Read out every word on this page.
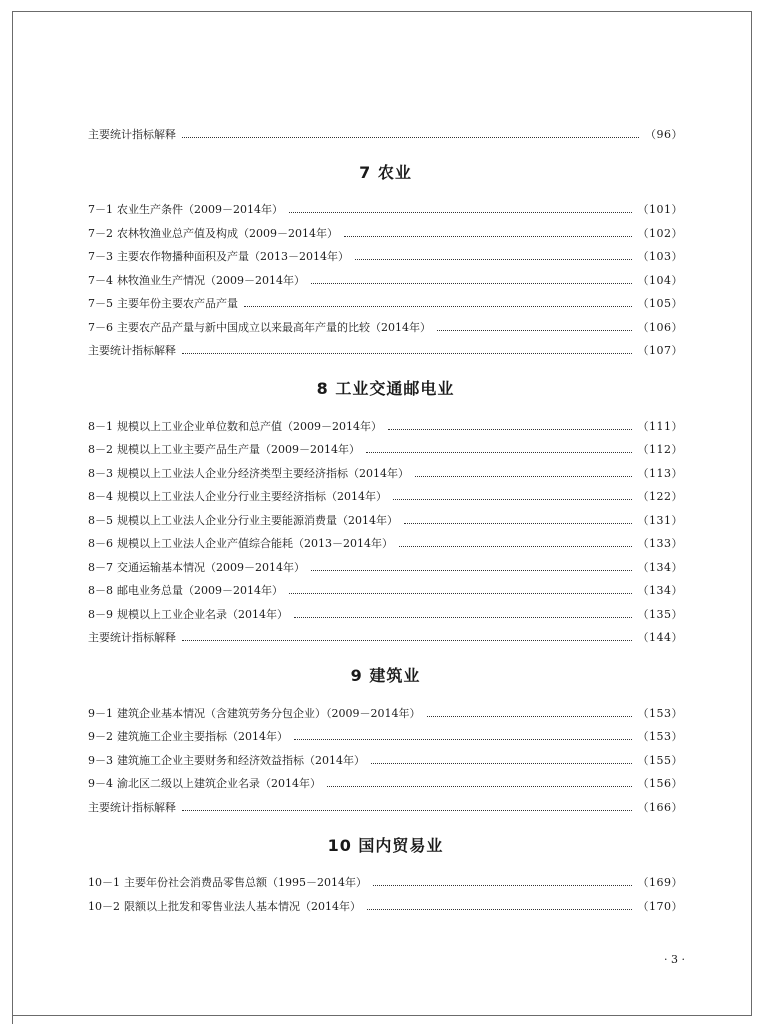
主要统计指标解释	（96）
7 农业
7－1 农业生产条件（2009－2014年）	（101）
7－2 农林牧渔业总产值及构成（2009－2014年）	（102）
7－3 主要农作物播种面积及产量（2013－2014年）	（103）
7－4 林牧渔业生产情况（2009－2014年）	（104）
7－5 主要年份主要农产品产量	（105）
7－6 主要农产品产量与新中国成立以来最高年产量的比较（2014年）	（106）
主要统计指标解释	（107）
8 工业交通邮电业
8－1 规模以上工业企业单位数和总产值（2009－2014年）	（111）
8－2 规模以上工业主要产品生产量（2009－2014年）	（112）
8－3 规模以上工业法人企业分经济类型主要经济指标（2014年）	（113）
8－4 规模以上工业法人企业分行业主要经济指标（2014年）	（122）
8－5 规模以上工业法人企业分行业主要能源消费量（2014年）	（131）
8－6 规模以上工业法人企业产值综合能耗（2013－2014年）	（133）
8－7 交通运输基本情况（2009－2014年）	（134）
8－8 邮电业务总量（2009－2014年）	（134）
8－9 规模以上工业企业名录（2014年）	（135）
主要统计指标解释	（144）
9 建筑业
9－1 建筑企业基本情况（含建筑劳务分包企业）（2009－2014年）	（153）
9－2 建筑施工企业主要指标（2014年）	（153）
9－3 建筑施工企业主要财务和经济效益指标（2014年）	（155）
9－4 渝北区二级以上建筑企业名录（2014年）	（156）
主要统计指标解释	（166）
10 国内贸易业
10－1 主要年份社会消费品零售总额（1995－2014年）	（169）
10－2 限额以上批发和零售业法人基本情况（2014年）	（170）
· 3 ·
